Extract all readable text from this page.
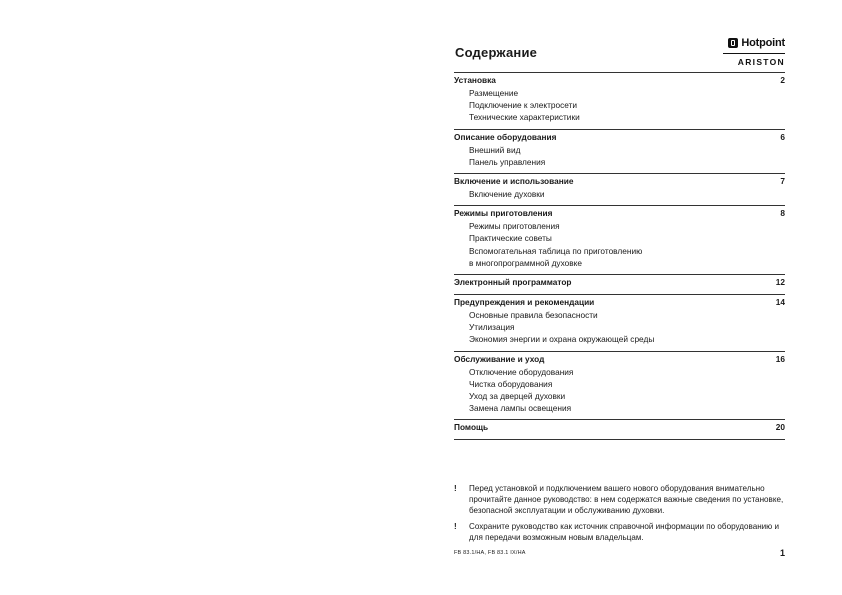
Содержание
Hotpoint
ARISTON
Установка	2
Размещение
Подключение к электросети
Технические характеристики
Описание оборудования	6
Внешний вид
Панель управления
Включение и использование	7
Включение духовки
Режимы приготовления	8
Режимы приготовления
Практические советы
Вспомогательная таблица по приготовлению
в многопрограммной духовке
Электронный программатор	12
Предупреждения и рекомендации	14
Основные правила безопасности
Утилизация
Экономия энергии и охрана окружающей среды
Обслуживание и уход	16
Отключение оборудования
Чистка оборудования
Уход за дверцей духовки
Замена лампы освещения
Помощь	20
!	Перед установкой и подключением вашего нового оборудования внимательно прочитайте данное руководство: в нем содержатся важные сведения по установке, безопасной эксплуатации и обслуживанию духовки.
!	Сохраните руководство как источник справочной информации по оборудованию и для передачи возможным новым владельцам.
FB 83.1/HA, FB 83.1 IX/HA	1
